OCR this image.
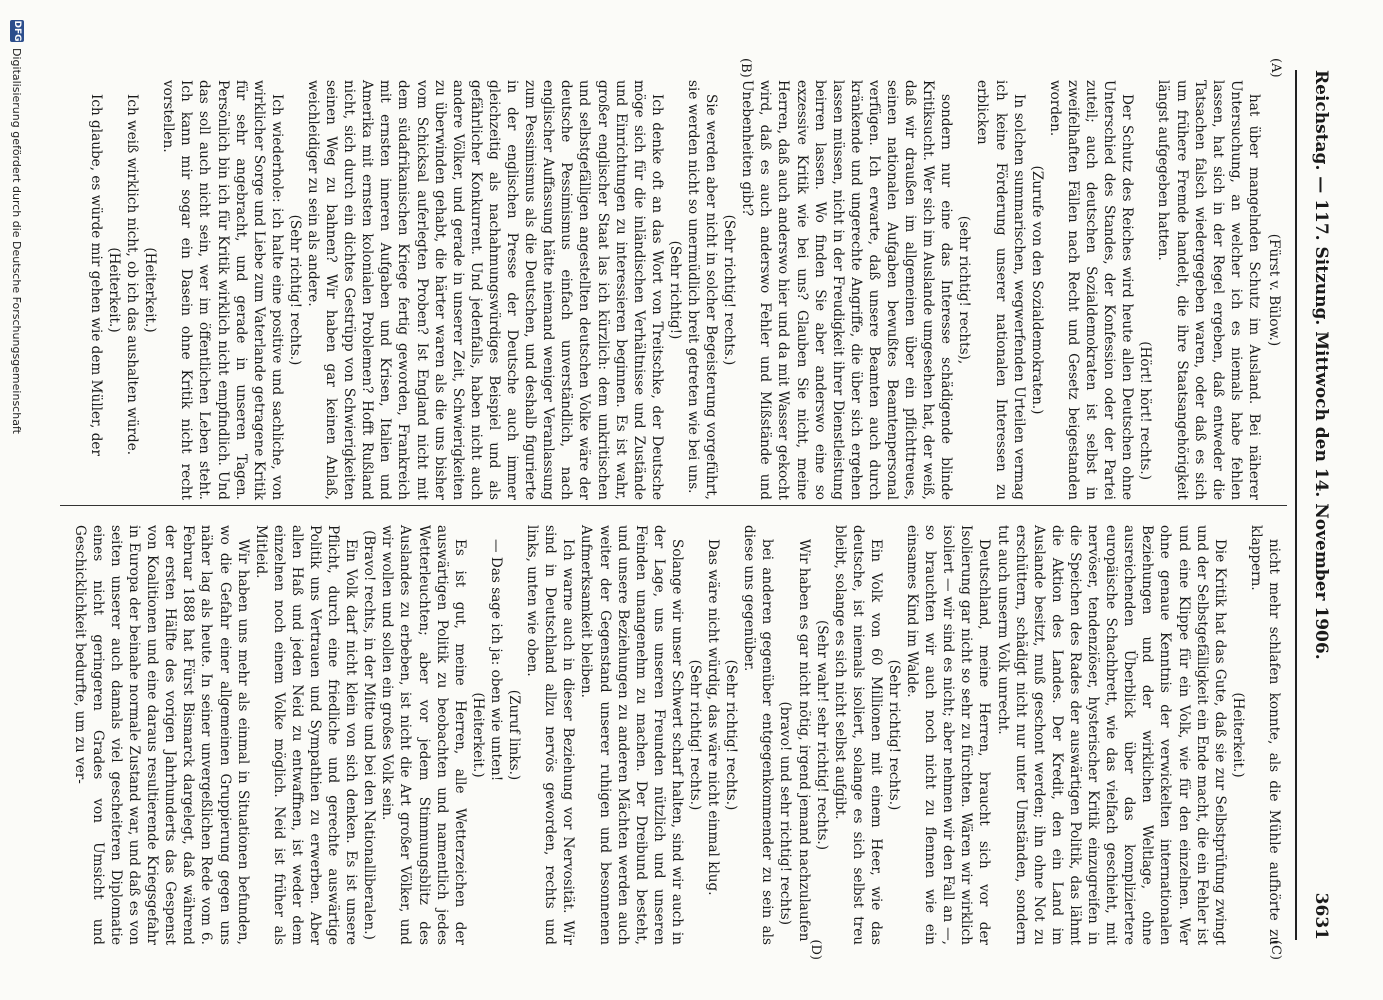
Reichstag. — 117. Sitzung. Mittwoch den 14. November 1906.
3631
(A)
(B)
(C)
(D)

(Fürst v. Bülow.)

hat über mangelnden Schutz im Ausland. Bei näherer Untersuchung, an welcher ich es niemals habe fehlen lassen, hat sich in der Regel ergeben, daß entweder die Tatsachen falsch wiedergegeben waren, oder daß es sich um frühere Fremde handelt, die ihre Staatsangehörigkeit längst aufgegeben hatten.

(Hört! hört! rechts.)

Der Schutz des Reiches wird heute allen Deutschen ohne Unterschied des Standes, der Konfession oder der Partei zuteil; auch deutschen Sozialdemokraten ist selbst in zweifelhaften Fällen nach Recht und Gesetz beigestanden worden.

(Zurufe von den Sozialdemokraten.)

In solchen summarischen, wegwerfenden Urteilen vermag ich keine Förderung unserer nationalen Interessen zu erblicken

(sehr richtig! rechts),

sondern nur eine das Interesse schädigende blinde Kritiksucht. Wer sich im Auslande umgesehen hat, der weiß, daß wir draußen im allgemeinen über ein pflichttreues, seinen nationalen Aufgaben bewußtes Beamtenpersonal verfügen. Ich erwarte, daß unsere Beamten auch durch kränkende und ungerechte Angriffe, die über sich ergehen lassen müssen, nicht in der Freudigkeit ihrer Dienstleistung beirren lassen. Wo finden Sie aber anderswo eine so exzessive Kritik wie bei uns? Glauben Sie nicht, meine Herren, daß auch anderswo hier und da mit Wasser gekocht wird, daß es auch anderswo Fehler und Mißstände und Unebenheiten gibt?

(Sehr richtig! rechts.)

Sie werden aber nicht in solcher Begeisterung vorgeführt, sie werden nicht so unermüdlich breit getreten wie bei uns.

(Sehr richtig!)

Ich denke oft an das Wort von Treitschke, der Deutsche möge sich für die inländischen Verhältnisse und Zustände und Einrichtungen zu interessieren beginnen. Es ist wahr, großer englischer Staat las ich kürzlich: dem unkritischen und selbstgefälligen angestellten deutschen Volke wäre der deutsche Pessimismus einfach unverständlich, nach englischer Auffassung hätte niemand weniger Veranlassung zum Pessimismus als die Deutschen, und deshalb figurierte in der englischen Presse der Deutsche auch immer gleichzeitig als nachahmungswürdiges Beispiel und als gefährlicher Konkurrent. Und jedenfalls, haben nicht auch andere Völker, und gerade in unserer Zeit, Schwierigkeiten zu überwinden gehabt, die härter waren als die uns bisher vom Schicksal auferlegten Proben? Ist England nicht mit dem südafrikanischen Kriege fertig geworden, Frankreich mit ernsten inneren Aufgaben und Krisen, Italien und Amerika mit ernsten kolonialen Problemen? Hofft Rußland nicht, sich durch ein dichtes Gestrüpp von Schwierigkeiten seinen Weg zu bahnen? Wir haben gar keinen Anlaß, weichleidiger zu sein als andere.

(Sehr richtig! rechts.)

Ich wiederhole: ich halte eine positive und sachliche, von wirklicher Sorge und Liebe zum Vaterlande getragene Kritik für sehr angebracht, und gerade in unseren Tagen. Persönlich bin ich für Kritik wirklich nicht empfindlich. Und das soll auch nicht sein, wer im öffentlichen Leben steht. Ich kann mir sogar ein Dasein ohne Kritik nicht recht vorstellen.

(Heiterkeit.)

Ich weiß wirklich nicht, ob ich das aushalten würde.

(Heiterkeit.)

Ich glaube, es würde mir gehen wie dem Müller, der

nicht mehr schlafen konnte, als die Mühle aufhörte zu klappern.

(Heiterkeit.)

Die Kritik hat das Gute, daß sie zur Selbstprüfung zwingt und der Selbstgefälligkeit ein Ende macht, die ein Fehler ist und eine Klippe für ein Volk, wie für den einzelnen. Wer ohne genaue Kenntnis der verwickelten internationalen Beziehungen und der wirklichen Weltlage, ohne ausreichenden Überblick über das kompliziertere europäische Schachbrett, wie das vielfach geschieht, mit nervöser, tendenziöser, hysterischer Kritik einzugreifen in die Speichen des Rades der auswärtigen Politik, das lähmt die Aktion des Landes. Der Kredit, den ein Land im Auslande besitzt, muß geschont werden; ihn ohne Not zu erschüttern, schädigt nicht nur unter Umständen, sondern tut auch unserm Volk unrecht.

Deutschland, meine Herren, braucht sich vor der Isolierung gar nicht so sehr zu fürchten. Wären wir wirklich isoliert — wir sind es nicht; aber nehmen wir den Fall an —, so brauchten wir auch noch nicht zu flennen wie ein einsames Kind im Walde.

(Sehr richtig! rechts.)

Ein Volk von 60 Millionen mit einem Heer, wie das deutsche, ist niemals isoliert, solange es sich selbst treu bleibt, solange es sich nicht selbst aufgibt.

(Sehr wahr! sehr richtig! rechts.)

Wir haben es gar nicht nötig, irgend jemand nachzulaufen

(bravo! und sehr richtig! rechts)

bei anderen gegenüber entgegenkommender zu sein als diese uns gegenüber.

(Sehr richtig! rechts.)

Das wäre nicht würdig, das wäre nicht einmal klug.

(Sehr richtig! rechts.)

Solange wir unser Schwert scharf halten, sind wir auch in der Lage, uns unseren Freunden nützlich und unseren Feinden unangenehm zu machen. Der Dreibund besteht, und unsere Beziehungen zu anderen Mächten werden auch weiter der Gegenstand unserer ruhigen und besonnenen Aufmerksamkeit bleiben.

Ich warne auch in dieser Beziehung vor Nervosität. Wir sind in Deutschland allzu nervös geworden, rechts und links, unten wie oben.

(Zuruf links.)

— Das sage ich ja: oben wie unten!

(Heiterkeit.)

Es ist gut, meine Herren, alle Wetterzeichen der auswärtigen Politik zu beobachten und namentlich jedes Wetterleuchten; aber vor jedem Stimmungsblitz des Auslandes zu erbeben, ist nicht die Art großer Völker, und wir wollen und sollen ein großes Volk sein.

(Bravo! rechts, in der Mitte und bei den Nationalliberalen.)

Ein Volk darf nicht klein von sich denken. Es ist unsere Pflicht, durch eine friedliche und gerechte auswärtige Politik uns Vertrauen und Sympathien zu erwerben. Aber allen Haß und jeden Neid zu entwaffnen, ist weder dem einzelnen noch einem Volke möglich. Neid ist früher als Mitleid.

Wir haben uns mehr als einmal in Situationen befunden, wo die Gefahr einer allgemeinen Gruppierung gegen uns näher lag als heute. In seiner unvergeßlichen Rede vom 6. Februar 1888 hat Fürst Bismarck dargelegt, daß während der ersten Hälfte des vorigen Jahrhunderts das Gespenst von Koalitionen und eine daraus resultierende Kriegsgefahr in Europa der beinahe normale Zustand war, und daß es von seiten unserer auch damals viel gescheiteren Diplomatie eines nicht geringeren Grades von Umsicht und Geschicklichkeit bedurfte, um zu ver-

DFG
Digitalisierung gefördert durch die Deutsche Forschungsgemeinschaft
